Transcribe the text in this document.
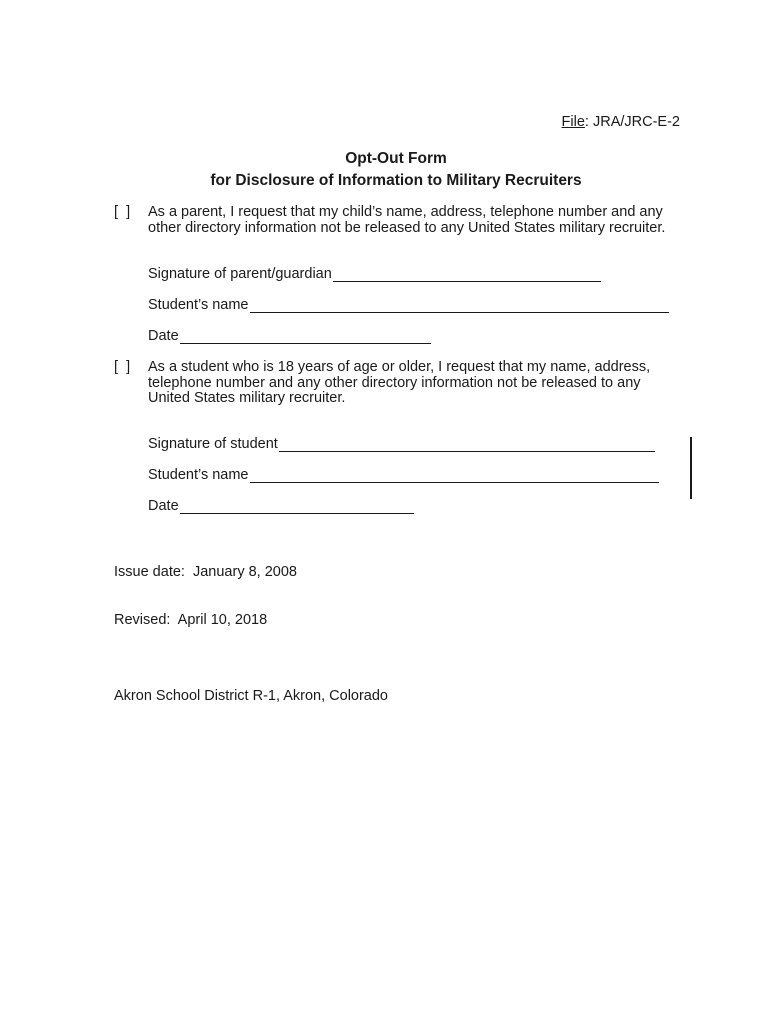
File: JRA/JRC-E-2
Opt-Out Form
for Disclosure of Information to Military Recruiters
[  ] As a parent, I request that my child’s name, address, telephone number and any other directory information not be released to any United States military recruiter.
Signature of parent/guardian
Student’s name
Date
[  ] As a student who is 18 years of age or older, I request that my name, address, telephone number and any other directory information not be released to any United States military recruiter.
Signature of student
Student’s name
Date

Issue date:  January 8, 2008

Revised:  April 10, 2018

Akron School District R-1, Akron, Colorado
